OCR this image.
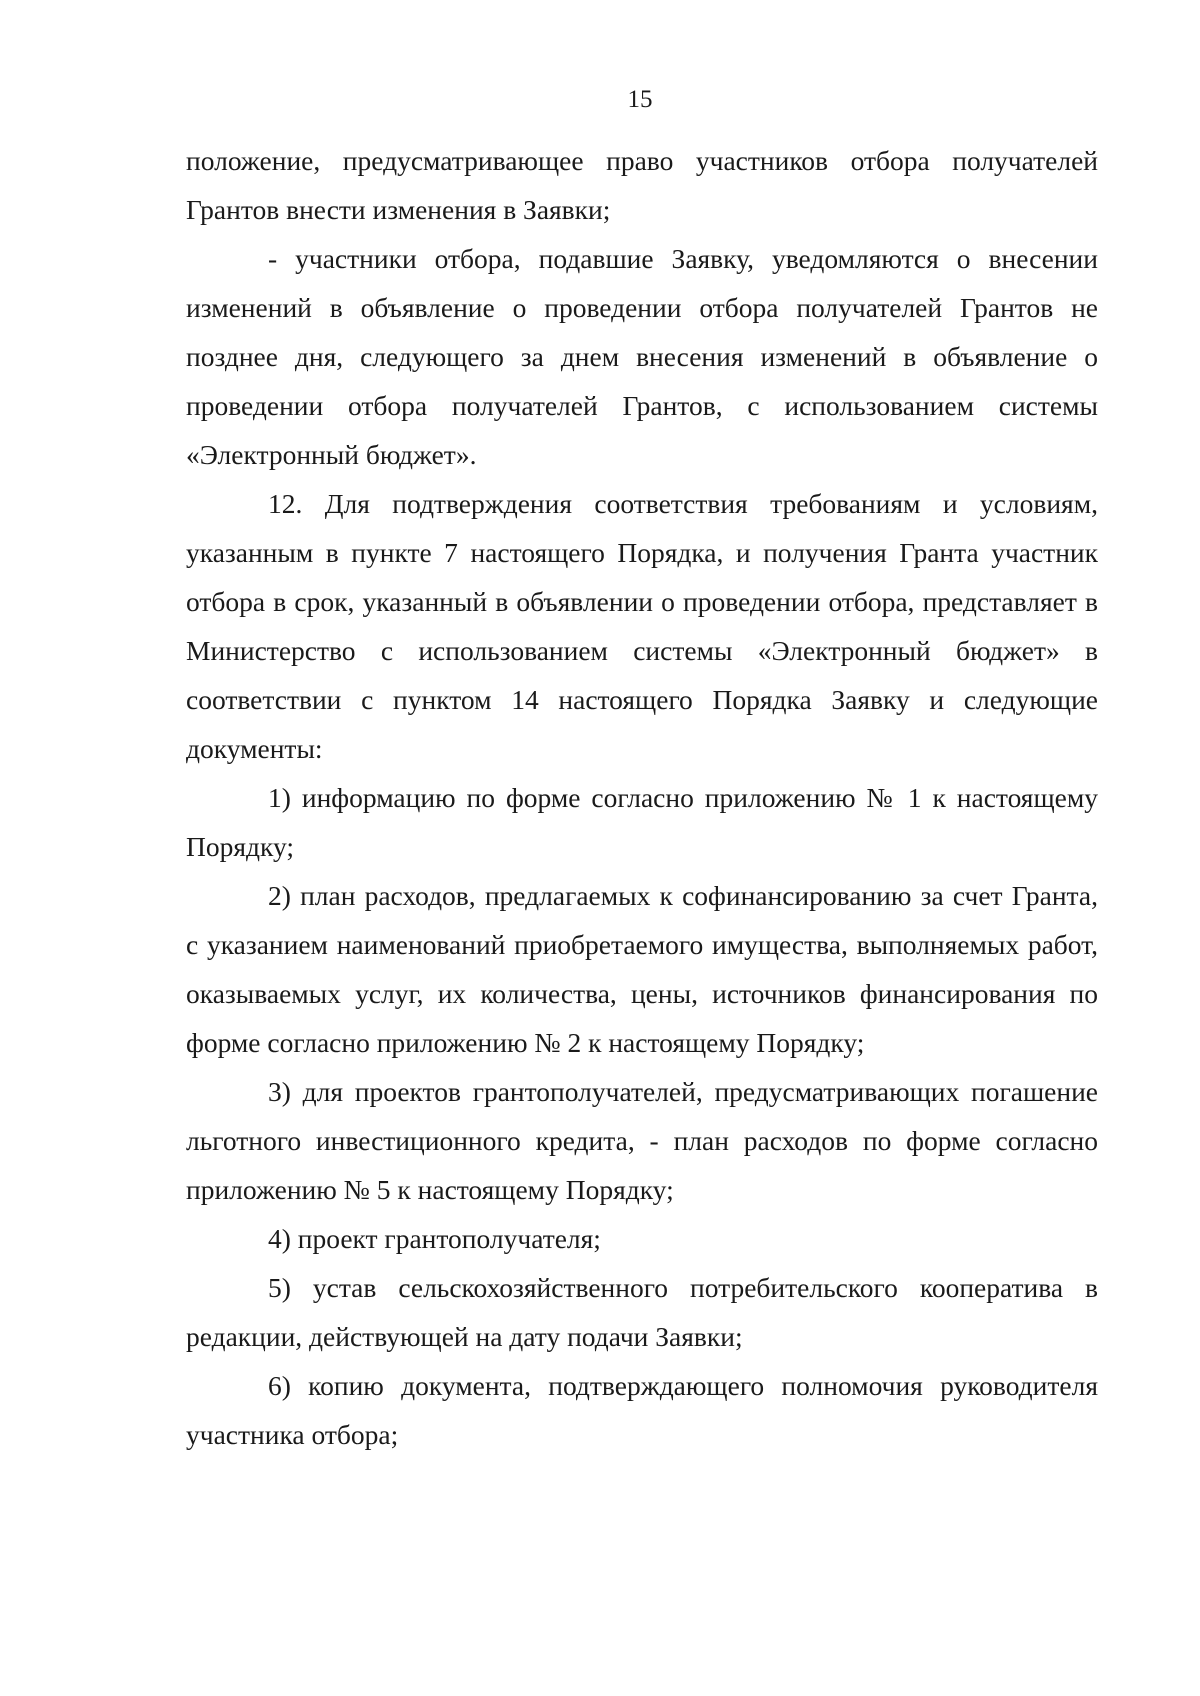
15

положение, предусматривающее право участников отбора получателей Грантов внести изменения в Заявки;

- участники отбора, подавшие Заявку, уведомляются о внесении изменений в объявление о проведении отбора получателей Грантов не позднее дня, следующего за днем внесения изменений в объявление о проведении отбора получателей Грантов, с использованием системы «Электронный бюджет».

12. Для подтверждения соответствия требованиям и условиям, указанным в пункте 7 настоящего Порядка, и получения Гранта участник отбора в срок, указанный в объявлении о проведении отбора, представляет в Министерство с использованием системы «Электронный бюджет» в соответствии с пунктом 14 настоящего Порядка Заявку и следующие документы:

1) информацию по форме согласно приложению № 1 к настоящему Порядку;

2) план расходов, предлагаемых к софинансированию за счет Гранта, с указанием наименований приобретаемого имущества, выполняемых работ, оказываемых услуг, их количества, цены, источников финансирования по форме согласно приложению № 2 к настоящему Порядку;

3) для проектов грантополучателей, предусматривающих погашение льготного инвестиционного кредита, - план расходов по форме согласно приложению № 5 к настоящему Порядку;

4) проект грантополучателя;

5) устав сельскохозяйственного потребительского кооператива в редакции, действующей на дату подачи Заявки;

6) копию документа, подтверждающего полномочия руководителя участника отбора;
